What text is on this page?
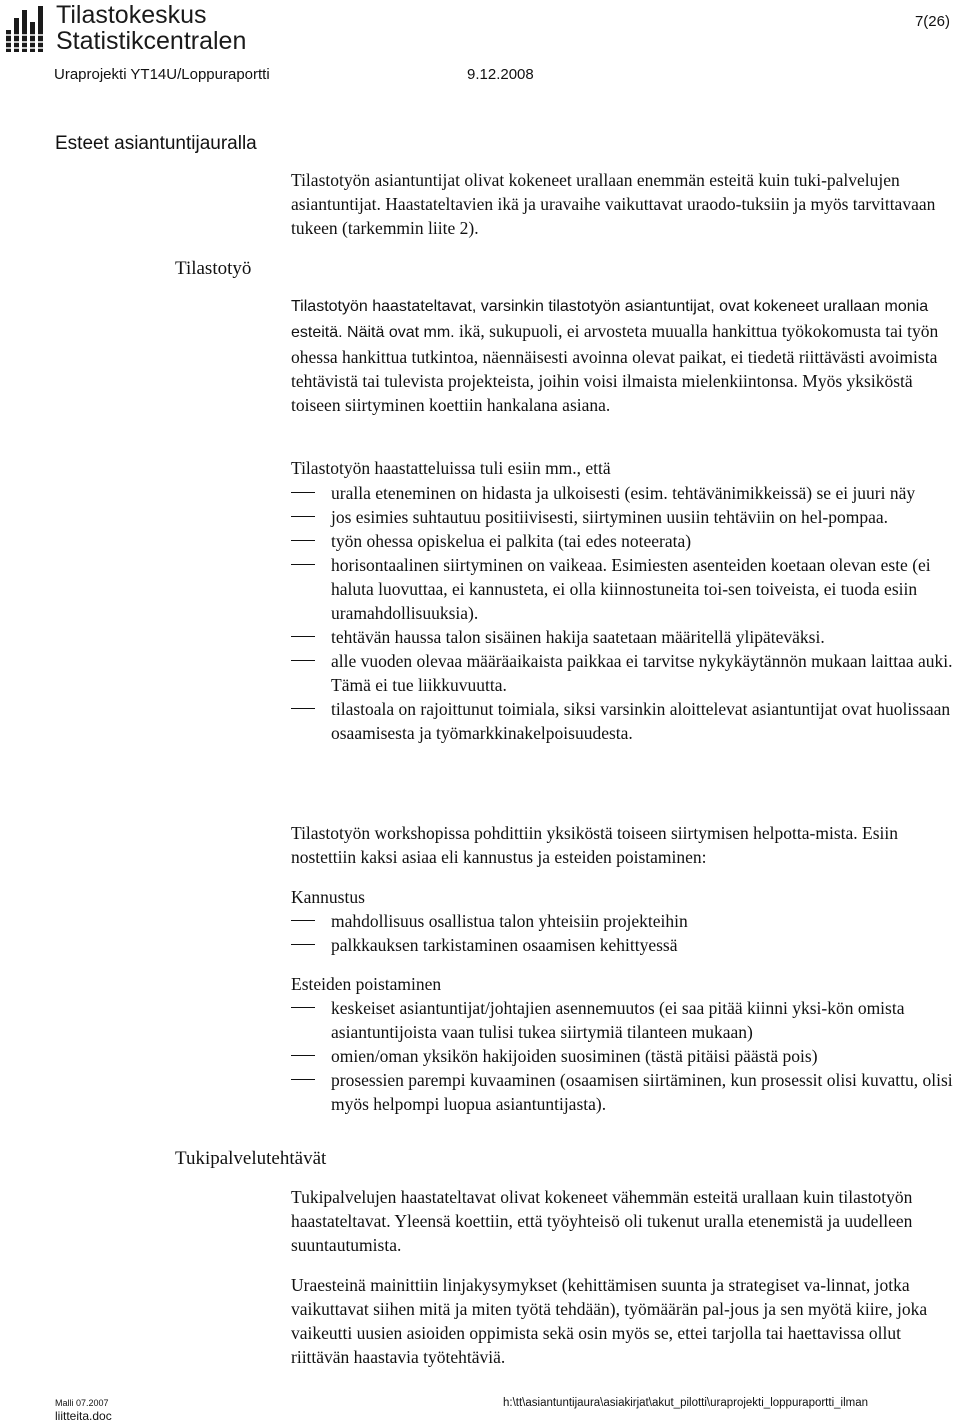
Tilastokeskus
Statistikcentralen
7(26)
Uraprojekti YT14U/Loppuraportti	9.12.2008
Esteet asiantuntijauralla
Tilastotyö
Tukipalvelutehtävät
Tilastotyön asiantuntijat olivat kokeneet urallaan enemmän esteitä kuin tuki-palvelujen asiantuntijat. Haastateltavien ikä ja uravaihe vaikuttavat uraodo-tuksiin ja myös tarvittavaan tukeen (tarkemmin liite 2).
Tilastotyön haastateltavat, varsinkin tilastotyön asiantuntijat, ovat kokeneet urallaan monia esteitä. Näitä ovat mm. ikä, sukupuoli, ei arvosteta muualla hankittua työkokomusta tai työn ohessa hankittua tutkintoa, näennäisesti avoinna olevat paikat, ei tiedetä riittävästi avoimista tehtävistä tai tulevista projekteista, joihin voisi ilmaista mielenkiintonsa. Myös yksiköstä toiseen siirtyminen koettiin hankalana asiana.
Tilastotyön haastatteluissa tuli esiin mm., että
uralla eteneminen on hidasta ja ulkoisesti (esim. tehtävänimikkeissä) se ei juuri näy
jos esimies suhtautuu positiivisesti, siirtyminen uusiin tehtäviin on hel-pompaa.
työn ohessa opiskelua ei palkita (tai edes noteerata)
horisontaalinen siirtyminen on vaikeaa. Esimiesten asenteiden koetaan olevan este (ei haluta luovuttaa, ei kannusteta, ei olla kiinnostuneita toi-sen toiveista, ei tuoda esiin uramahdollisuuksia).
tehtävän haussa talon sisäinen hakija saatetaan määritellä ylipäteväksi.
alle vuoden olevaa määräaikaista paikkaa ei tarvitse nykykäytännön mukaan laittaa auki. Tämä ei tue liikkuvuutta.
tilastoala on rajoittunut toimiala, siksi varsinkin aloittelevat asiantuntijat ovat huolissaan osaamisesta ja työmarkkinakelpoisuudesta.
Tilastotyön workshopissa pohdittiin yksiköstä toiseen siirtymisen helpotta-mista. Esiin nostettiin kaksi asiaa eli kannustus ja esteiden poistaminen:
Kannustus
mahdollisuus osallistua talon yhteisiin projekteihin
palkkauksen tarkistaminen osaamisen kehittyessä
Esteiden poistaminen
keskeiset asiantuntijat/johtajien asennemuutos (ei saa pitää kiinni yksi-kön omista asiantuntijoista vaan tulisi tukea siirtymiä tilanteen mukaan)
omien/oman yksikön hakijoiden suosiminen (tästä pitäisi päästä pois)
prosessien parempi kuvaaminen (osaamisen siirtäminen, kun prosessit olisi kuvattu, olisi myös helpompi luopua asiantuntijasta).
Tukipalvelujen haastateltavat olivat kokeneet vähemmän esteitä urallaan kuin tilastotyön haastateltavat. Yleensä koettiin, että työyhteisö oli tukenut uralla etenemistä ja uudelleen suuntautumista.
Uraesteinä mainittiin linjakysymykset (kehittämisen suunta ja strategiset va-linnat, jotka vaikuttavat siihen mitä ja miten työtä tehdään), työmäärän pal-jous ja sen myötä kiire, joka vaikeutti uusien asioiden oppimista sekä osin myös se, ettei tarjolla tai haettavissa ollut riittävän haastavia työtehtäviä.
Malli 07.2007
liitteita.doc
h:\tt\asiantuntijaura\asiakirjat\akut_pilotti\uraprojekti_loppuraportti_ilman
